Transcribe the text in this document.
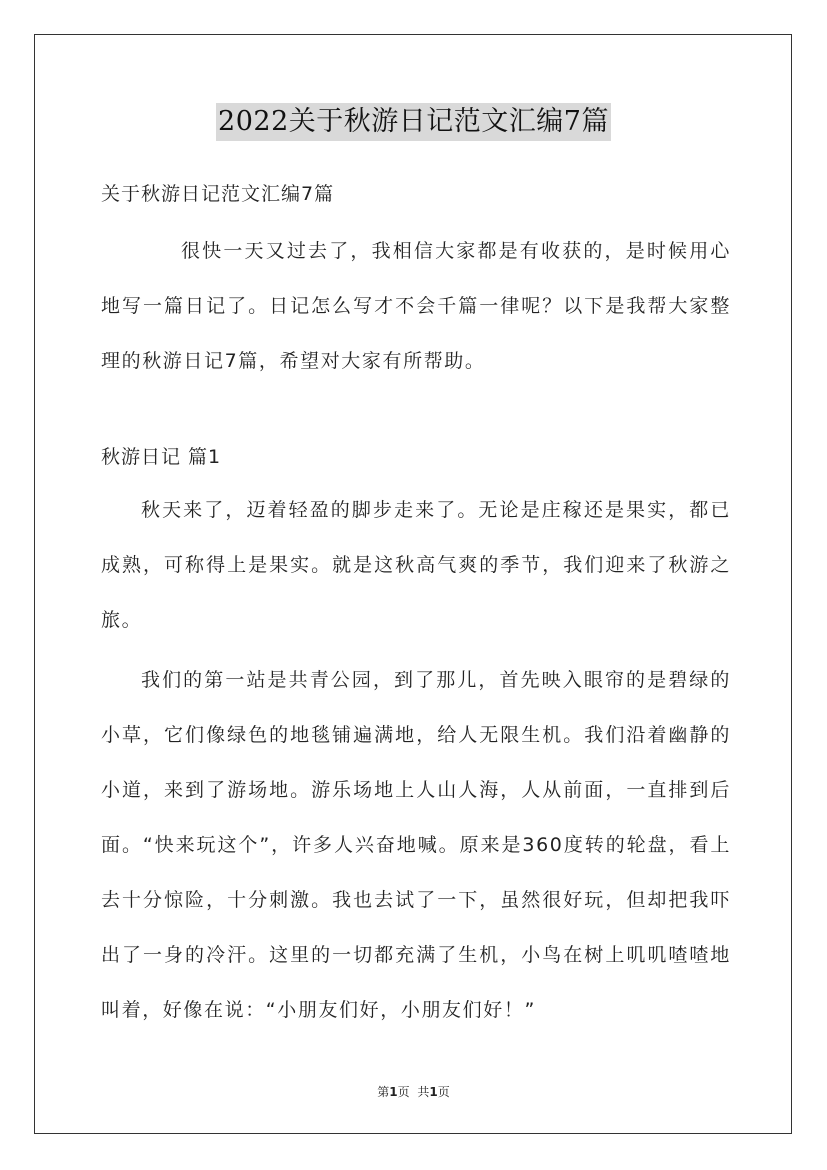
2022关于秋游日记范文汇编7篇

关于秋游日记范文汇编7篇

很快一天又过去了，我相信大家都是有收获的，是时候用心地写一篇日记了。日记怎么写才不会千篇一律呢？以下是我帮大家整理的秋游日记7篇，希望对大家有所帮助。

秋游日记 篇1

秋天来了，迈着轻盈的脚步走来了。无论是庄稼还是果实，都已成熟，可称得上是果实。就是这秋高气爽的季节，我们迎来了秋游之旅。

我们的第一站是共青公园，到了那儿，首先映入眼帘的是碧绿的小草，它们像绿色的地毯铺遍满地，给人无限生机。我们沿着幽静的小道，来到了游场地。游乐场地上人山人海，人从前面，一直排到后面。“快来玩这个”，许多人兴奋地喊。原来是360度转的轮盘，看上去十分惊险，十分刺激。我也去试了一下，虽然很好玩，但却把我吓出了一身的冷汗。这里的一切都充满了生机，小鸟在树上叽叽喳喳地叫着，好像在说：“小朋友们好，小朋友们好！”

第1页 共1页
